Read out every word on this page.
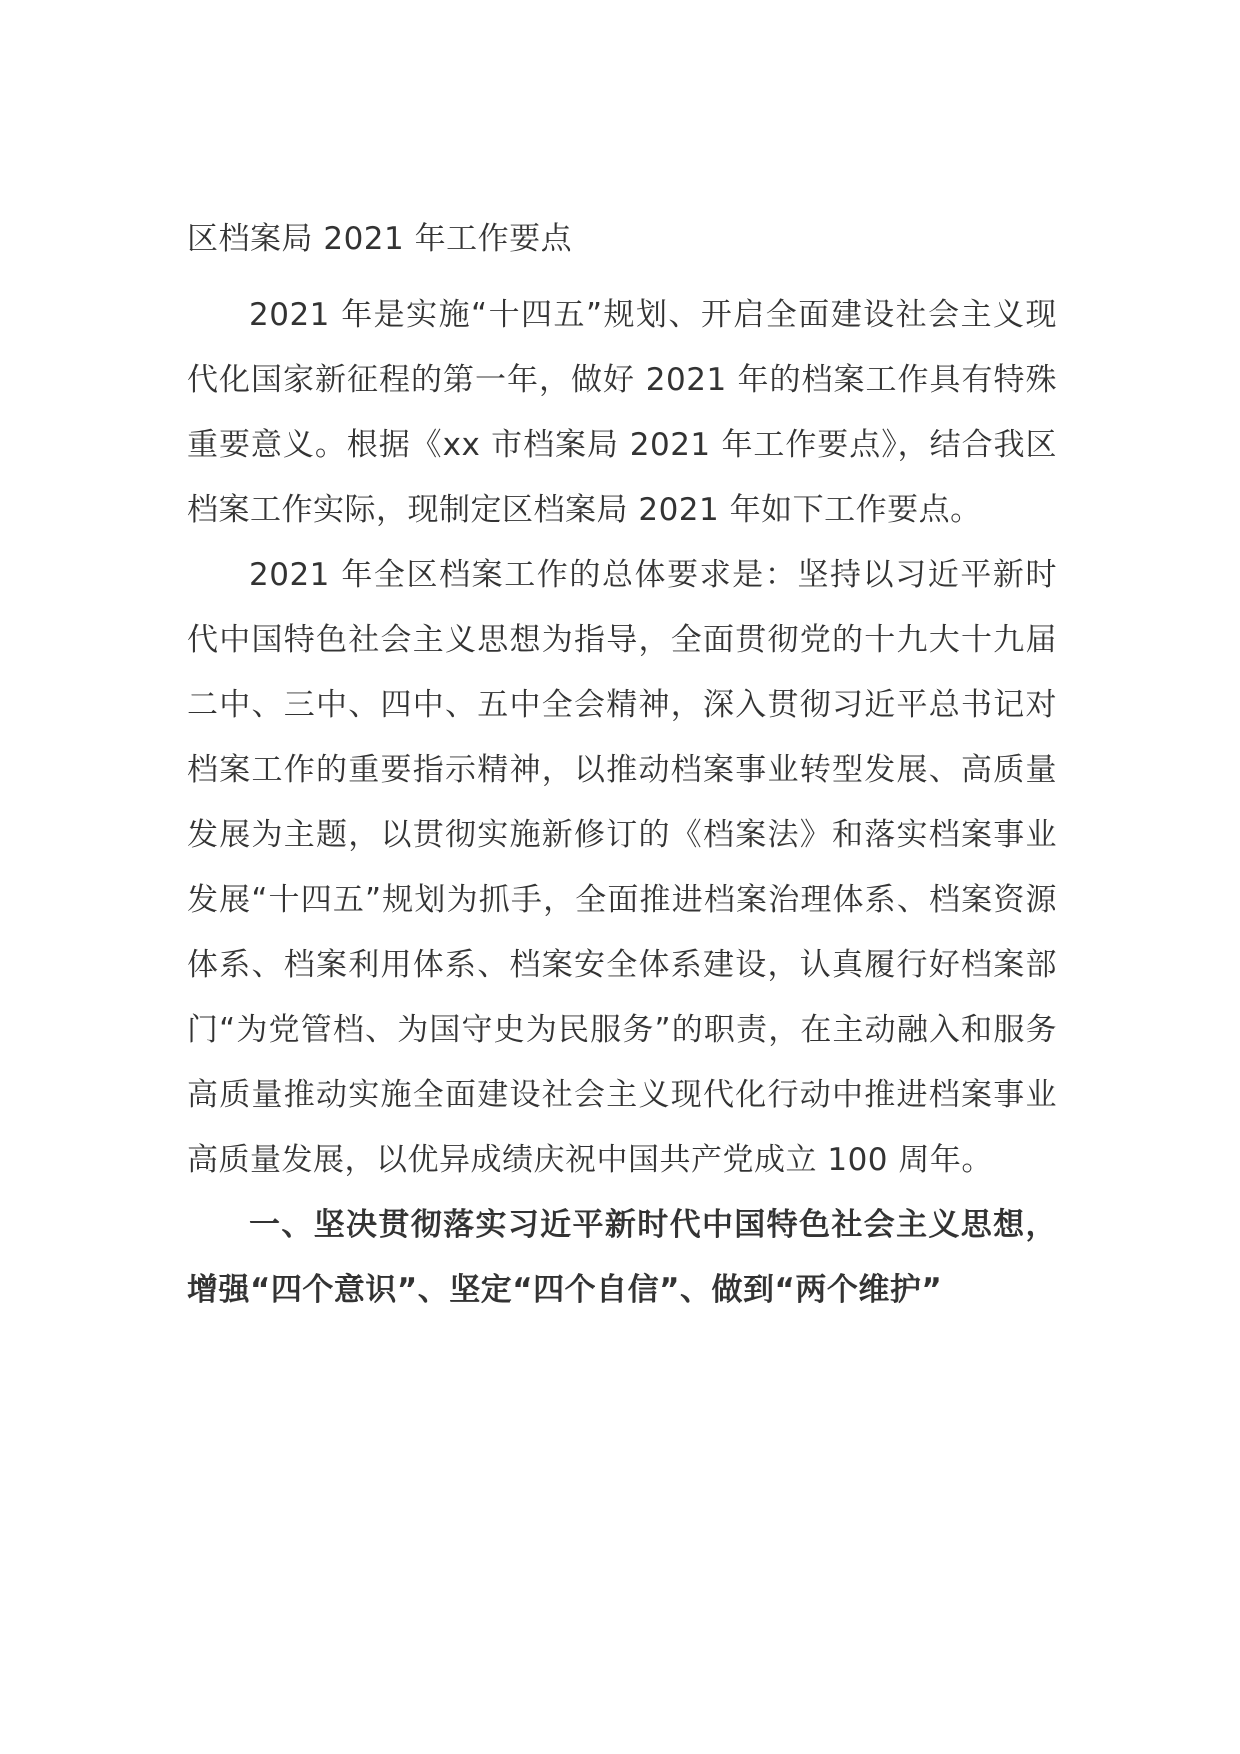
区档案局 2021 年工作要点

2021 年是实施“十四五”规划、开启全面建设社会主义现代化国家新征程的第一年，做好 2021 年的档案工作具有特殊重要意义。根据《xx 市档案局 2021 年工作要点》，结合我区档案工作实际，现制定区档案局 2021 年如下工作要点。

2021 年全区档案工作的总体要求是：坚持以习近平新时代中国特色社会主义思想为指导，全面贯彻党的十九大十九届二中、三中、四中、五中全会精神，深入贯彻习近平总书记对档案工作的重要指示精神，以推动档案事业转型发展、高质量发展为主题，以贯彻实施新修订的《档案法》和落实档案事业发展“十四五”规划为抓手，全面推进档案治理体系、档案资源体系、档案利用体系、档案安全体系建设，认真履行好档案部门“为党管档、为国守史为民服务”的职责，在主动融入和服务高质量推动实施全面建设社会主义现代化行动中推进档案事业高质量发展，以优异成绩庆祝中国共产党成立 100 周年。

一、坚决贯彻落实习近平新时代中国特色社会主义思想，增强“四个意识”、坚定“四个自信”、做到“两个维护”
